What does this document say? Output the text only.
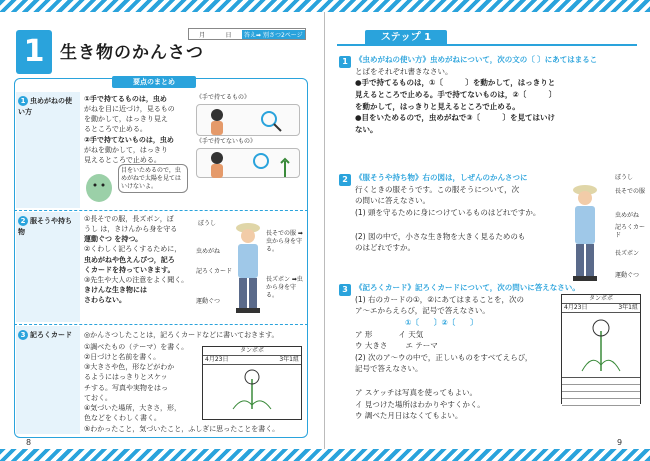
1 生き物のかんさつ
月	日	答え➡ 別さつ2ページ
要点のまとめ
1 虫めがねの使い方
①手で持てるものは，虫め
がねを目に近づけ，見るもの
を動かして，はっきり見え
るところで止める。
②手で持てないものは，虫め
がねを動かして，はっきり
見えるところで止める。
《手で持てるもの》
《手で持てないもの》
目をいためるので，虫めがねで太陽を見てはいけないよ。
2 服そうや持ち物
①長そでの服，長ズボン，ぼ
うし は，きけんから身を守る
運動ぐつ を持つ。
②くわしく記ろくするために，
虫めがねや色えんぴつ，記ろ
くカードを持っていきます。
③先生や大人の注意をよく聞く。
きけんな生き物には
さわらない。
ぼうし
虫めがね
記ろくカード
運動ぐつ
長そでの服 ➡虫から身を守る。
長ズボン ➡虫から身を守る。
3 記ろくカード	◎かんさつしたことは，記ろくカードなどに書いておきます。
①調べたもの（テーマ）を書く。
②日づけと名前を書く。
③大きさや色，形などがわか
るようにはっきりとスケッ
チする。写真や実物をはっ
ておく。
④気づいた場所，大きさ，形，
色などをくわしく書く。
⑤わかったこと，気づいたこと，ふしぎに思ったことを書く。
タンポポ
4月23日	3年1組
8
ステップ 1
1 《虫めがねの使い方》虫めがねについて，次の文の〔 〕にあてはまるこ
とばをそれぞれ書きなさい。
●手で持てるものは，①〔　　　〕を動かして，はっきりと
見えるところで止める。手で持てないものは，②〔　　　〕
を動かして，はっきりと見えるところで止める。
●目をいためるので，虫めがねで③〔　　　〕を見てはいけ
ない。
2 《服そうや持ち物》右の図は，しぜんのかんさつに
行くときの服そうです。この服そうについて，次
の問いに答えなさい。
(1) 頭を守るために身につけているものはどれですか。
(2) 図の中で，小さな生き物を大きく見るためのも
のはどれですか。
ぼうし
長そでの服
虫めがね
記ろくカード
長ズボン
運動ぐつ
3 《記ろくカード》記ろくカードについて，次の問いに答えなさい。
(1) 右のカードの①，②にあてはまることを，次の
ア〜エからえらび，記号で答えなさい。
①〔　　〕②〔　　〕
ア 形	イ 天気
ウ 大きさ エ テーマ
(2) 次のア〜ウの中で，正しいものをすべてえらび，
記号で答えなさい。
ア スケッチは写真を使ってもよい。
イ 見つけた場所はわかりやすくかく。
ウ 調べた月日はなくてもよい。
タンポポ
4月23日	3年1組
9
